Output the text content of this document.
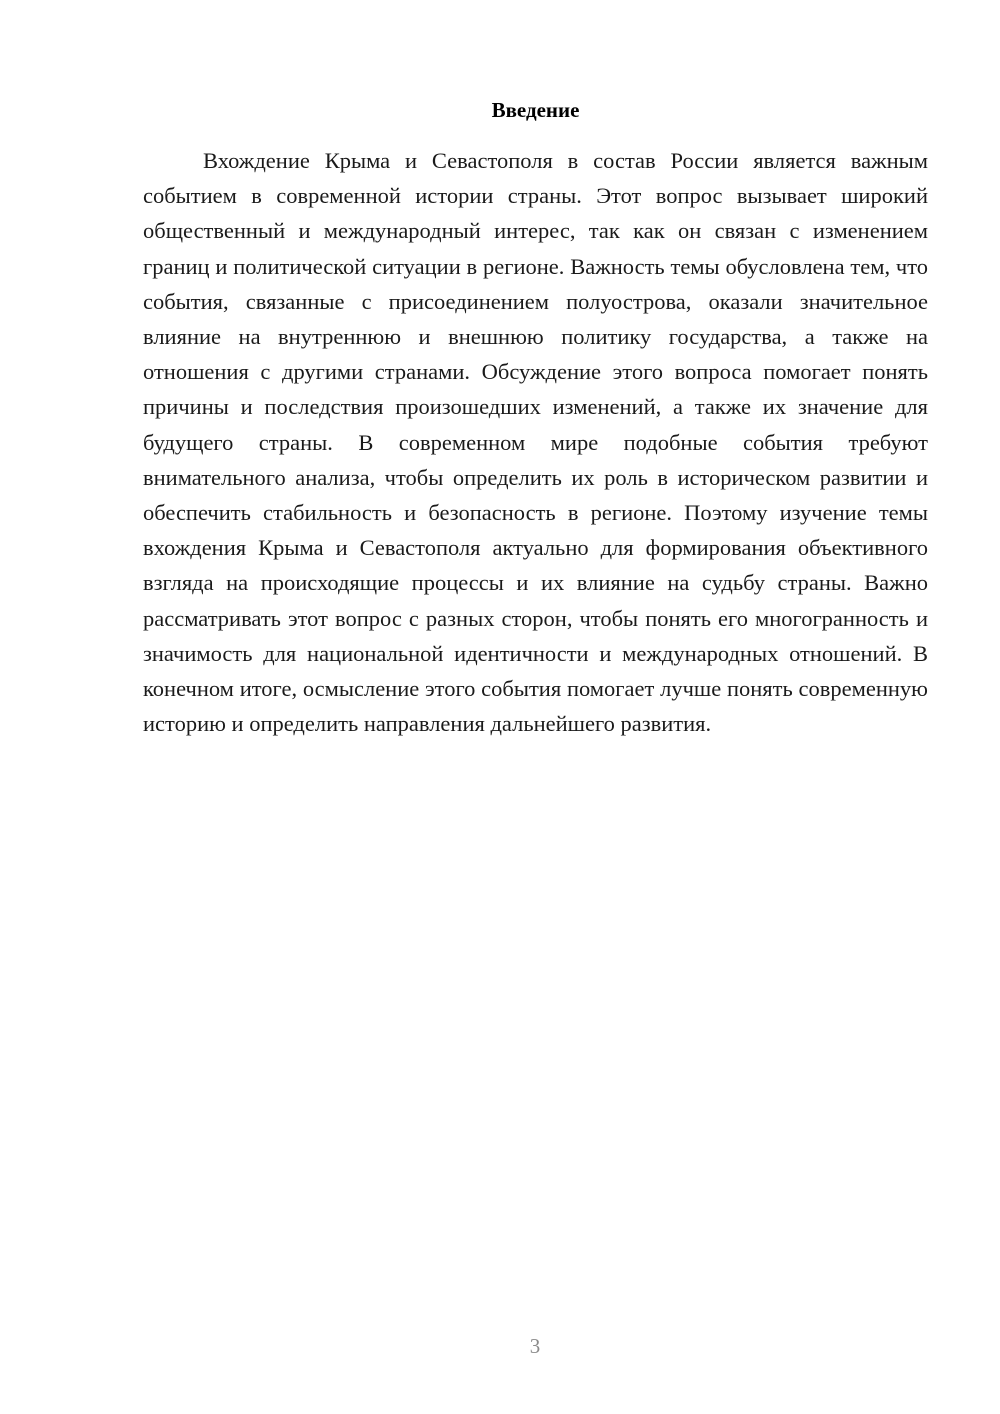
Введение

Вхождение Крыма и Севастополя в состав России является важным событием в современной истории страны. Этот вопрос вызывает широкий общественный и международный интерес, так как он связан с изменением границ и политической ситуации в регионе. Важность темы обусловлена тем, что события, связанные с присоединением полуострова, оказали значительное влияние на внутреннюю и внешнюю политику государства, а также на отношения с другими странами. Обсуждение этого вопроса помогает понять причины и последствия произошедших изменений, а также их значение для будущего страны. В современном мире подобные события требуют внимательного анализа, чтобы определить их роль в историческом развитии и обеспечить стабильность и безопасность в регионе. Поэтому изучение темы вхождения Крыма и Севастополя актуально для формирования объективного взгляда на происходящие процессы и их влияние на судьбу страны. Важно рассматривать этот вопрос с разных сторон, чтобы понять его многогранность и значимость для национальной идентичности и международных отношений. В конечном итоге, осмысление этого события помогает лучше понять современную историю и определить направления дальнейшего развития.

3
